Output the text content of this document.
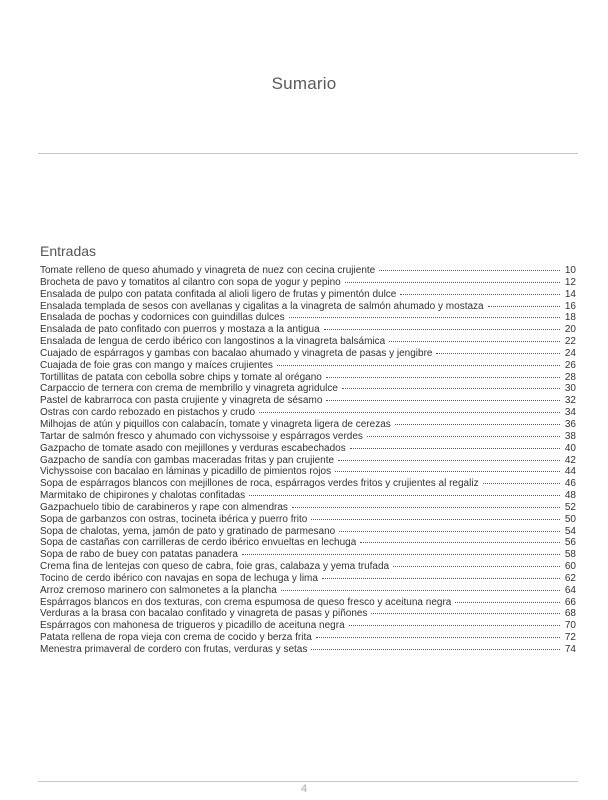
Sumario
Entradas
Tomate relleno de queso ahumado y vinagreta de nuez con cecina crujiente	10
Brocheta de pavo y tomatitos al cilantro con sopa de yogur y pepino	12
Ensalada de pulpo con patata confitada al alioli ligero de frutas y pimentón dulce	14
Ensalada templada de sesos con avellanas y cigalitas a la vinagreta de salmón ahumado y mostaza	16
Ensalada de pochas y codornices con guindillas dulces	18
Ensalada de pato confitado con puerros y mostaza a la antigua	20
Ensalada de lengua de cerdo ibérico con langostinos a la vinagreta balsámica	22
Cuajado de espárragos y gambas con bacalao ahumado y vinagreta de pasas y jengibre	24
Cuajada de foie gras con mango y maíces crujientes	26
Tortillitas de patata con cebolla sobre chips y tomate al orégano	28
Carpaccio de ternera con crema de membrillo y vinagreta agridulce	30
Pastel de kabrarroca con pasta crujiente y vinagreta de sésamo	32
Ostras con cardo rebozado en pistachos y crudo	34
Milhojas de atún y piquillos con calabacín, tomate y vinagreta ligera de cerezas	36
Tartar de salmón fresco y ahumado con vichyssoise y espárragos verdes	38
Gazpacho de tomate asado con mejillones y verduras escabechados	40
Gazpacho de sandía con gambas maceradas fritas y pan crujiente	42
Vichyssoise con bacalao en láminas y picadillo de pimientos rojos	44
Sopa de espárragos blancos con mejillones de roca, espárragos verdes fritos y crujientes al regaliz	46
Marmitako de chipirones y chalotas confitadas	48
Gazpachuelo tibio de carabineros y rape con almendras	52
Sopa de garbanzos con ostras, tocineta ibérica y puerro frito	50
Sopa de chalotas, yema, jamón de pato y gratinado de parmesano	54
Sopa de castañas con carrilleras de cerdo ibérico envueltas en lechuga	56
Sopa de rabo de buey con patatas panadera	58
Crema fina de lentejas con queso de cabra, foie gras, calabaza y yema trufada	60
Tocino de cerdo ibérico con navajas en sopa de lechuga y lima	62
Arroz cremoso marinero con salmonetes a la plancha	64
Espárragos blancos en dos texturas, con crema espumosa de queso fresco y aceituna negra	66
Verduras a la brasa con bacalao confitado y vinagreta de pasas y piñones	68
Espárragos con mahonesa de trigueros y picadillo de aceituna negra	70
Patata rellena de ropa vieja con crema de cocido y berza frita	72
Menestra primaveral de cordero con frutas, verduras y setas	74
4
